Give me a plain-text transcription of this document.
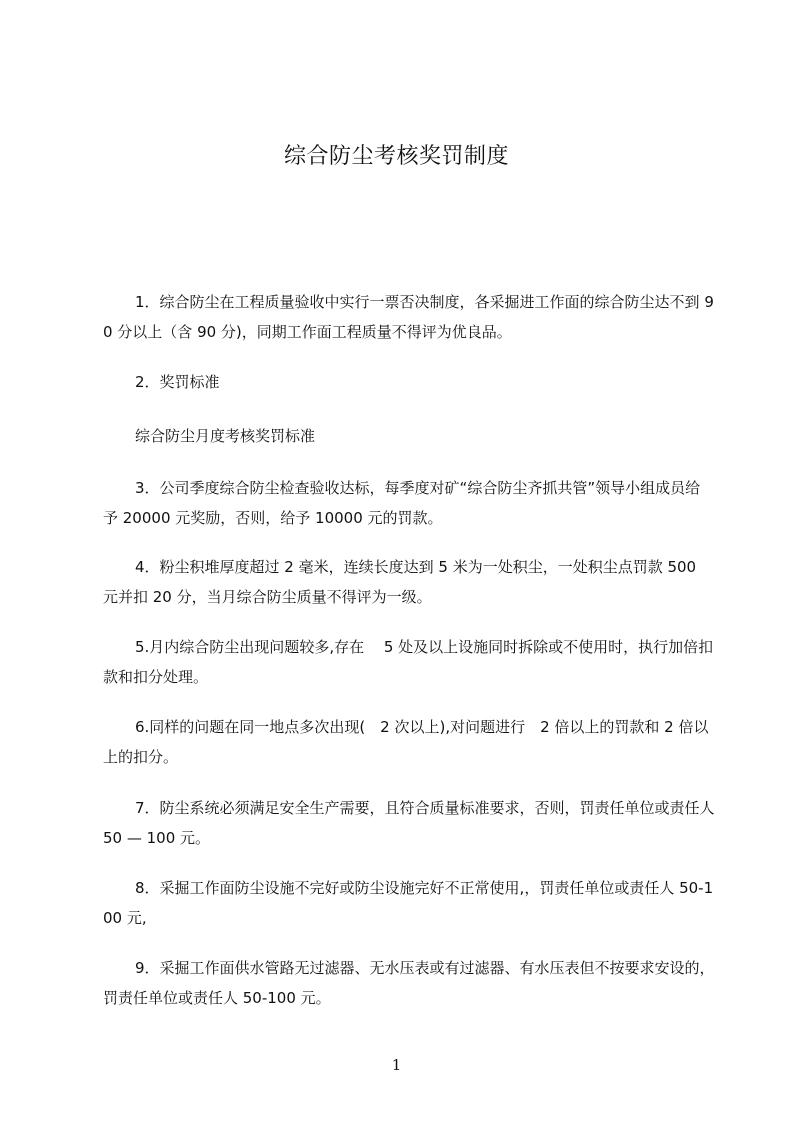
综合防尘考核奖罚制度

1．综合防尘在工程质量验收中实行一票否决制度，各采掘进工作面的综合防尘达不到 90 分以上（含 90 分)，同期工作面工程质量不得评为优良品。

2．奖罚标准

综合防尘月度考核奖罚标准

3．公司季度综合防尘检查验收达标，每季度对矿“综合防尘齐抓共管”领导小组成员给予 20000 元奖励，否则，给予 10000 元的罚款。

4．粉尘积堆厚度超过 2 毫米，连续长度达到 5 米为一处积尘，一处积尘点罚款 500 元并扣 20 分，当月综合防尘质量不得评为一级。

5.月内综合防尘出现问题较多,存在　 5 处及以上设施同时拆除或不使用时，执行加倍扣款和扣分处理。

6.同样的问题在同一地点多次出现(　2 次以上),对问题进行　2 倍以上的罚款和 2 倍以上的扣分。

7．防尘系统必须满足安全生产需要，且符合质量标准要求，否则，罚责任单位或责任人 50 — 100 元。

8．采掘工作面防尘设施不完好或防尘设施完好不正常使用,，罚责任单位或责任人 50-100 元,

9．采掘工作面供水管路无过滤器、无水压表或有过滤器、有水压表但不按要求安设的，罚责任单位或责任人 50-100 元。

1
